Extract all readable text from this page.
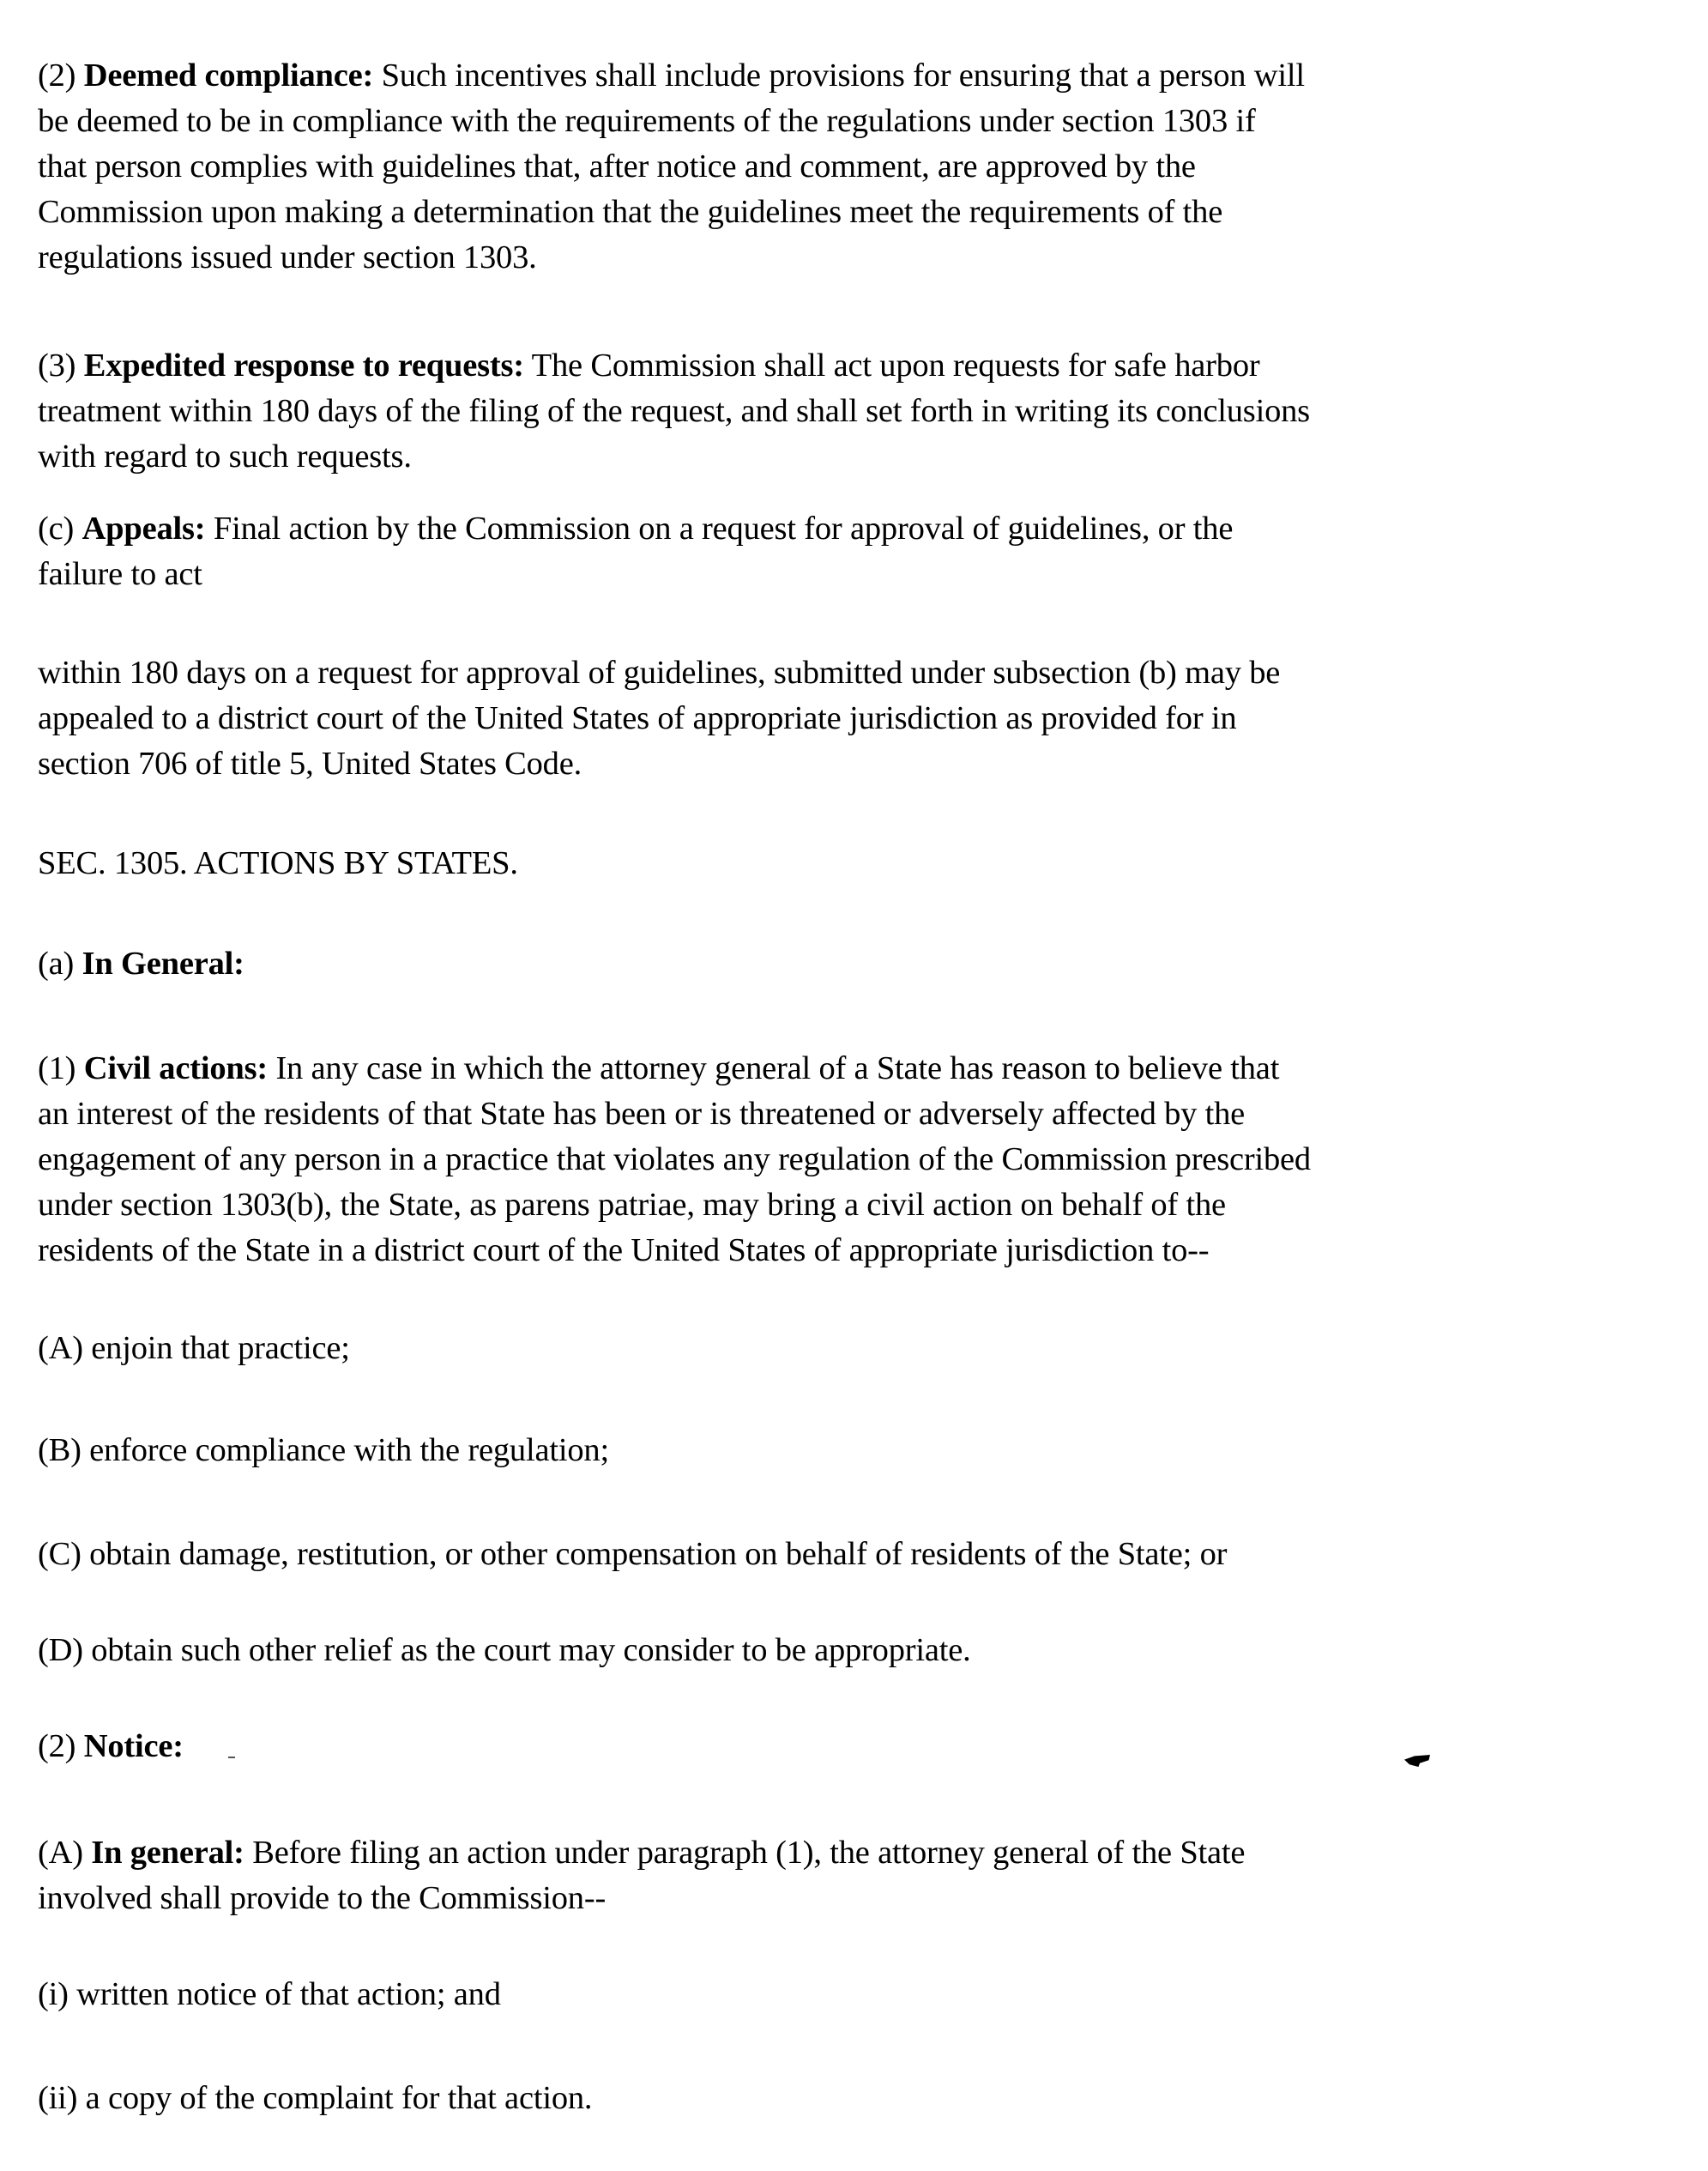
(2) Deemed compliance: Such incentives shall include provisions for ensuring that a person will
be deemed to be in compliance with the requirements of the regulations under section 1303 if
that person complies with guidelines that, after notice and comment, are approved by the
Commission upon making a determination that the guidelines meet the requirements of the
regulations issued under section 1303.
(3) Expedited response to requests: The Commission shall act upon requests for safe harbor
treatment within 180 days of the filing of the request, and shall set forth in writing its conclusions
with regard to such requests.
(c) Appeals: Final action by the Commission on a request for approval of guidelines, or the
failure to act
within 180 days on a request for approval of guidelines, submitted under subsection (b) may be
appealed to a district court of the United States of appropriate jurisdiction as provided for in
section 706 of title 5, United States Code.
SEC. 1305. ACTIONS BY STATES.
(a) In General:
(1) Civil actions: In any case in which the attorney general of a State has reason to believe that
an interest of the residents of that State has been or is threatened or adversely affected by the
engagement of any person in a practice that violates any regulation of the Commission prescribed
under section 1303(b), the State, as parens patriae, may bring a civil action on behalf of the
residents of the State in a district court of the United States of appropriate jurisdiction to--
(A) enjoin that practice;
(B) enforce compliance with the regulation;
(C) obtain damage, restitution, or other compensation on behalf of residents of the State; or
(D) obtain such other relief as the court may consider to be appropriate.
(2) Notice:
(A) In general: Before filing an action under paragraph (1), the attorney general of the State
involved shall provide to the Commission--
(i) written notice of that action; and
(ii) a copy of the complaint for that action.
